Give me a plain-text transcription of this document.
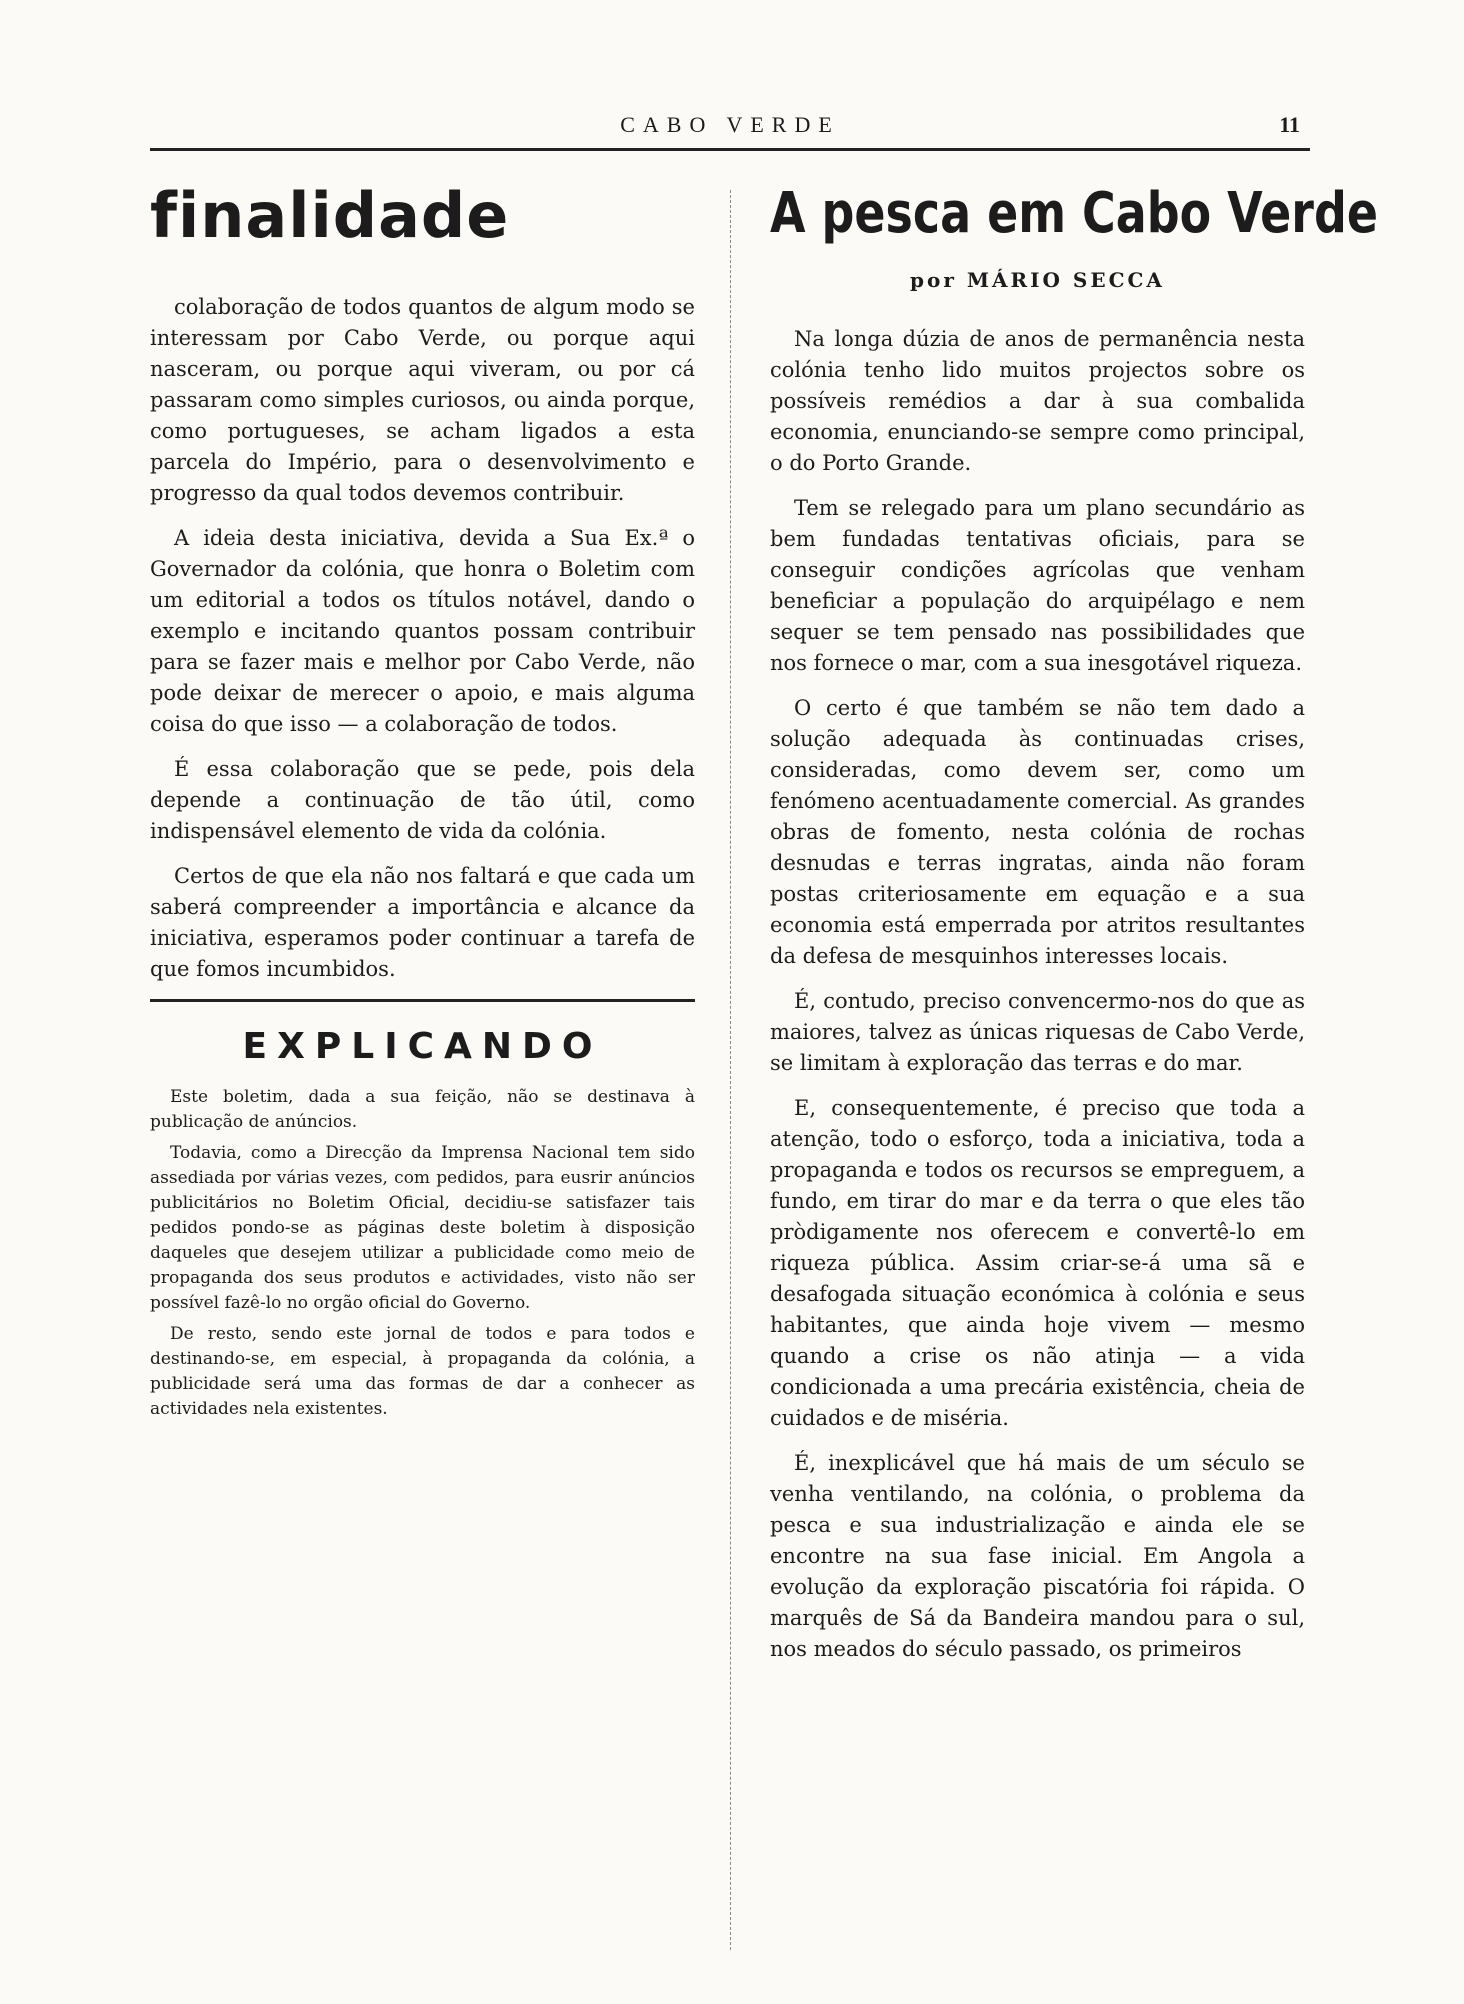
CABO VERDE	11
finalidade

colaboração de todos quantos de algum modo se interessam por Cabo Verde, ou porque aqui nasceram, ou porque aqui viveram, ou por cá passaram como simples curiosos, ou ainda porque, como portugueses, se acham ligados a esta parcela do Império, para o desenvolvimento e progresso da qual todos devemos contribuir.

A ideia desta iniciativa, devida a Sua Ex.ª o Governador da colónia, que honra o Boletim com um editorial a todos os títulos notável, dando o exemplo e incitando quantos possam contribuir para se fazer mais e melhor por Cabo Verde, não pode deixar de merecer o apoio, e mais alguma coisa do que isso — a colaboração de todos.

É essa colaboração que se pede, pois dela depende a continuação de tão útil, como indispensável elemento de vida da colónia.

Certos de que ela não nos faltará e que cada um saberá compreender a importância e alcance da iniciativa, esperamos poder continuar a tarefa de que fomos incumbidos.

EXPLICANDO

Este boletim, dada a sua feição, não se destinava à publicação de anúncios.

Todavia, como a Direcção da Imprensa Nacional tem sido assediada por várias vezes, com pedidos, para eusrir anúncios publicitários no Boletim Oficial, decidiu-se satisfazer tais pedidos pondo-se as páginas deste boletim à disposição daqueles que desejem utilizar a publicidade como meio de propaganda dos seus produtos e actividades, visto não ser possível fazê-lo no orgão oficial do Governo.

De resto, sendo este jornal de todos e para todos e destinando-se, em especial, à propaganda da colónia, a publicidade será uma das formas de dar a conhecer as actividades nela existentes.

A pesca em Cabo Verde
por MÁRIO SECCA

Na longa dúzia de anos de permanência nesta colónia tenho lido muitos projectos sobre os possíveis remédios a dar à sua combalida economia, enunciando-se sempre como principal, o do Porto Grande.

Tem se relegado para um plano secundário as bem fundadas tentativas oficiais, para se conseguir condições agrícolas que venham beneficiar a população do arquipélago e nem sequer se tem pensado nas possibilidades que nos fornece o mar, com a sua inesgotável riqueza.

O certo é que também se não tem dado a solução adequada às continuadas crises, consideradas, como devem ser, como um fenómeno acentuadamente comercial. As grandes obras de fomento, nesta colónia de rochas desnudas e terras ingratas, ainda não foram postas criteriosamente em equação e a sua economia está emperrada por atritos resultantes da defesa de mesquinhos interesses locais.

É, contudo, preciso convencermo-nos do que as maiores, talvez as únicas riquesas de Cabo Verde, se limitam à exploração das terras e do mar.

E, consequentemente, é preciso que toda a atenção, todo o esforço, toda a iniciativa, toda a propaganda e todos os recursos se empreguem, a fundo, em tirar do mar e da terra o que eles tão pròdigamente nos oferecem e convertê-lo em riqueza pública. Assim criar-se-á uma sã e desafogada situação económica à colónia e seus habitantes, que ainda hoje vivem — mesmo quando a crise os não atinja — a vida condicionada a uma precária existência, cheia de cuidados e de miséria.

É, inexplicável que há mais de um século se venha ventilando, na colónia, o problema da pesca e sua industrialização e ainda ele se encontre na sua fase inicial. Em Angola a evolução da exploração piscatória foi rápida. O marquês de Sá da Bandeira mandou para o sul, nos meados do século passado, os primeiros
